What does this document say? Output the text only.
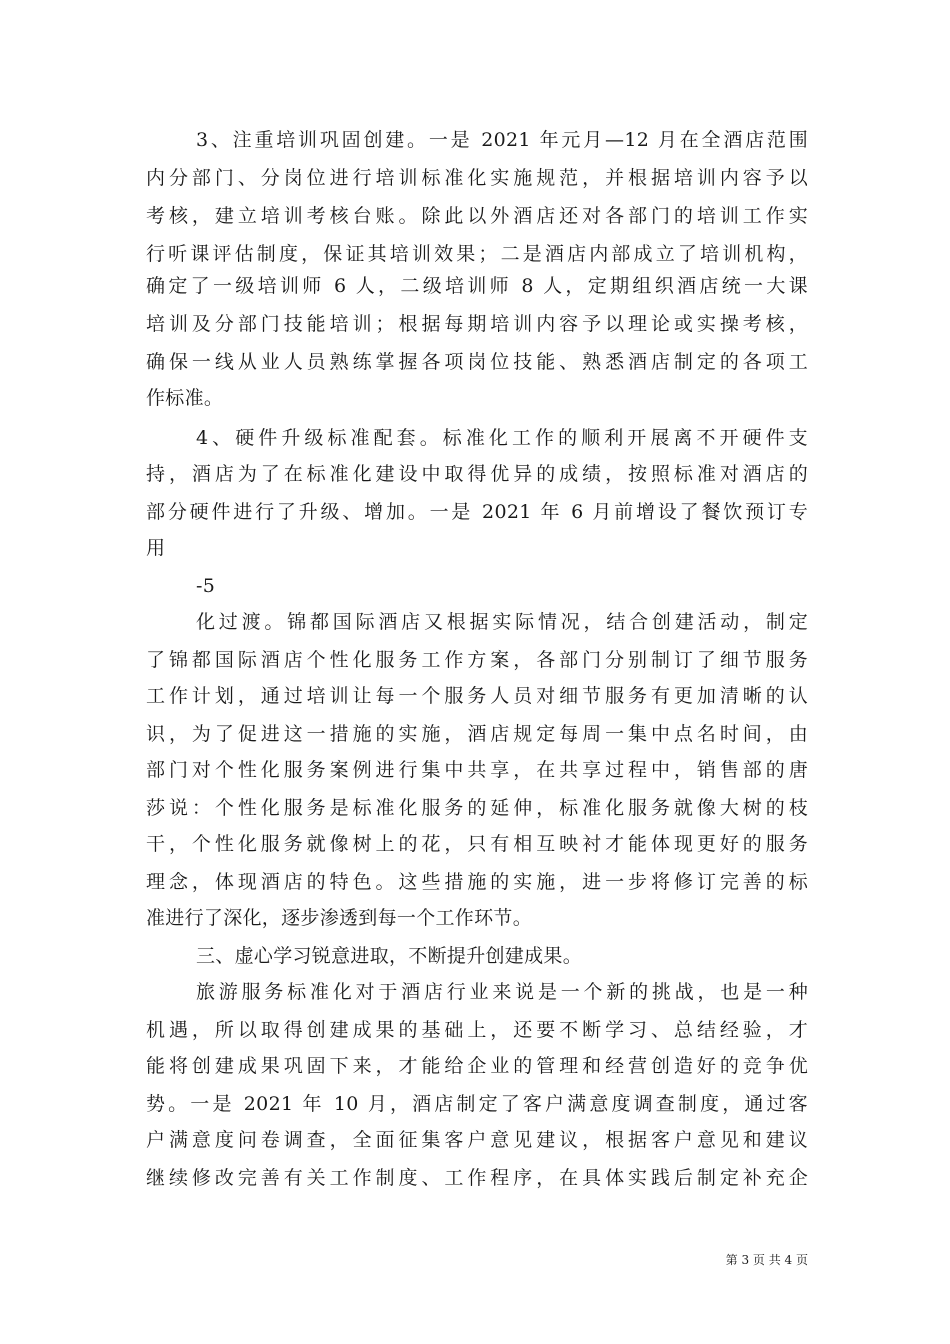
3、注重培训巩固创建。一是 2021 年元月—12 月在全酒店范围
内分部门、分岗位进行培训标准化实施规范，并根据培训内容予以
考核，建立培训考核台账。除此以外酒店还对各部门的培训工作实
行听课评估制度，保证其培训效果；二是酒店内部成立了培训机构，
确定了一级培训师 6 人，二级培训师 8 人，定期组织酒店统一大课
培训及分部门技能培训；根据每期培训内容予以理论或实操考核，
确保一线从业人员熟练掌握各项岗位技能、熟悉酒店制定的各项工
作标准。
4、硬件升级标准配套。标准化工作的顺利开展离不开硬件支
持，酒店为了在标准化建设中取得优异的成绩，按照标准对酒店的
部分硬件进行了升级、增加。一是 2021 年 6 月前增设了餐饮预订专
用
-5
化过渡。锦都国际酒店又根据实际情况，结合创建活动，制定
了锦都国际酒店个性化服务工作方案，各部门分别制订了细节服务
工作计划，通过培训让每一个服务人员对细节服务有更加清晰的认
识，为了促进这一措施的实施，酒店规定每周一集中点名时间，由
部门对个性化服务案例进行集中共享，在共享过程中，销售部的唐
莎说：个性化服务是标准化服务的延伸，标准化服务就像大树的枝
干，个性化服务就像树上的花，只有相互映衬才能体现更好的服务
理念，体现酒店的特色。这些措施的实施，进一步将修订完善的标
准进行了深化，逐步渗透到每一个工作环节。
三、虚心学习锐意进取，不断提升创建成果。
旅游服务标准化对于酒店行业来说是一个新的挑战，也是一种
机遇，所以取得创建成果的基础上，还要不断学习、总结经验，才
能将创建成果巩固下来，才能给企业的管理和经营创造好的竞争优
势。一是 2021 年 10 月，酒店制定了客户满意度调查制度，通过客
户满意度问卷调查，全面征集客户意见建议，根据客户意见和建议
继续修改完善有关工作制度、工作程序，在具体实践后制定补充企
第 3 页 共 4 页
